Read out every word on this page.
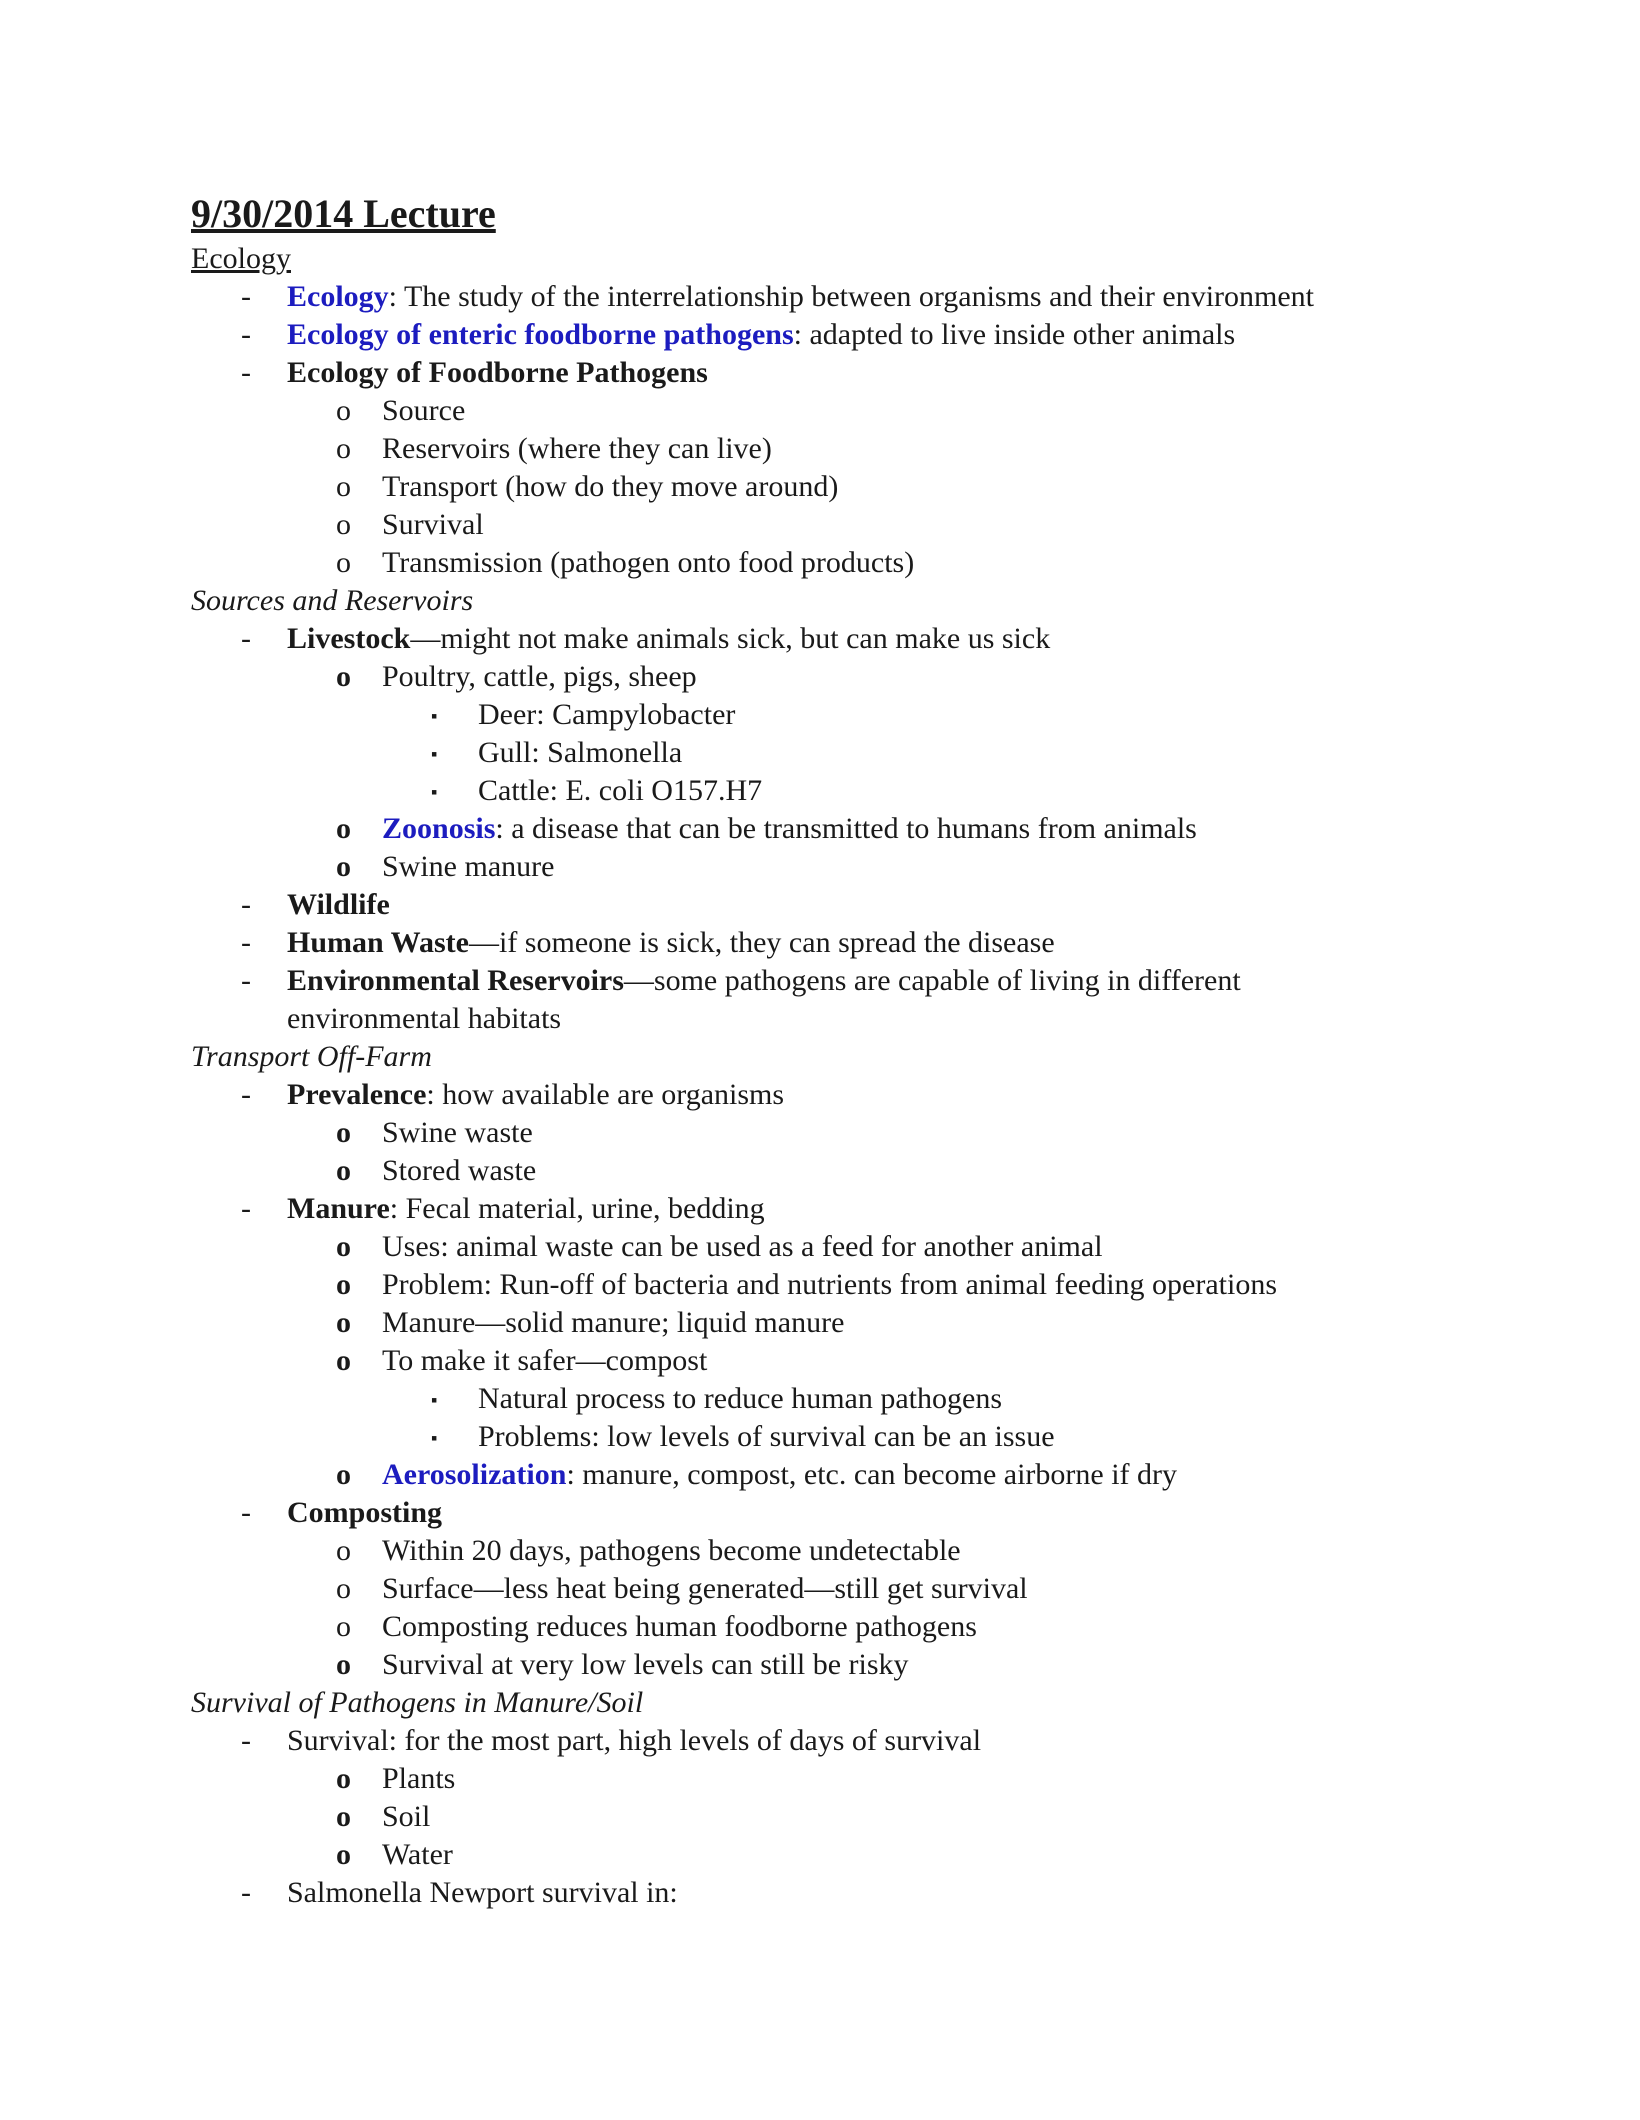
9/30/2014 Lecture
Ecology
- Ecology: The study of the interrelationship between organisms and their environment
- Ecology of enteric foodborne pathogens: adapted to live inside other animals
- Ecology of Foodborne Pathogens
o Source
o Reservoirs (where they can live)
o Transport (how do they move around)
o Survival
o Transmission (pathogen onto food products)
Sources and Reservoirs
- Livestock—might not make animals sick, but can make us sick
o Poultry, cattle, pigs, sheep
▪ Deer: Campylobacter
▪ Gull: Salmonella
▪ Cattle: E. coli O157.H7
o Zoonosis: a disease that can be transmitted to humans from animals
o Swine manure
- Wildlife
- Human Waste—if someone is sick, they can spread the disease
- Environmental Reservoirs—some pathogens are capable of living in different environmental habitats
Transport Off-Farm
- Prevalence: how available are organisms
o Swine waste
o Stored waste
- Manure: Fecal material, urine, bedding
o Uses: animal waste can be used as a feed for another animal
o Problem: Run-off of bacteria and nutrients from animal feeding operations
o Manure—solid manure; liquid manure
o To make it safer—compost
▪ Natural process to reduce human pathogens
▪ Problems: low levels of survival can be an issue
o Aerosolization: manure, compost, etc. can become airborne if dry
- Composting
o Within 20 days, pathogens become undetectable
o Surface—less heat being generated—still get survival
o Composting reduces human foodborne pathogens
o Survival at very low levels can still be risky
Survival of Pathogens in Manure/Soil
- Survival: for the most part, high levels of days of survival
o Plants
o Soil
o Water
- Salmonella Newport survival in:
